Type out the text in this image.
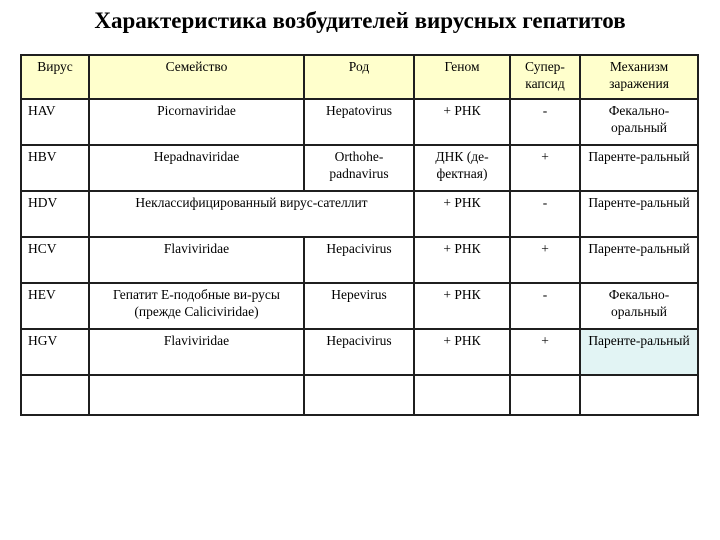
Характеристика возбудителей вирусных гепатитов
Вирус	Семейство	Род	Геном	Супер-капсид	Механизм заражения
HAV	Picornaviridae	Hepatovirus	+ РНК	-	Фекально-оральный
HBV	Hepadnaviridae	Orthohe-padnavirus	ДНК (де-фектная)	+	Паренте-ральный
HDV	Неклассифицированный вирус-сателлит		+ РНК	-	Паренте-ральный
HCV	Flaviviridae	Hepacivirus	+ РНК	+	Паренте-ральный
HEV	Гепатит Е-подобные ви-русы (прежде Caliciviridae)	Hepevirus	+ РНК	-	Фекально-оральный
HGV	Flaviviridae	Hepacivirus	+ РНК	+	Паренте-ральный
